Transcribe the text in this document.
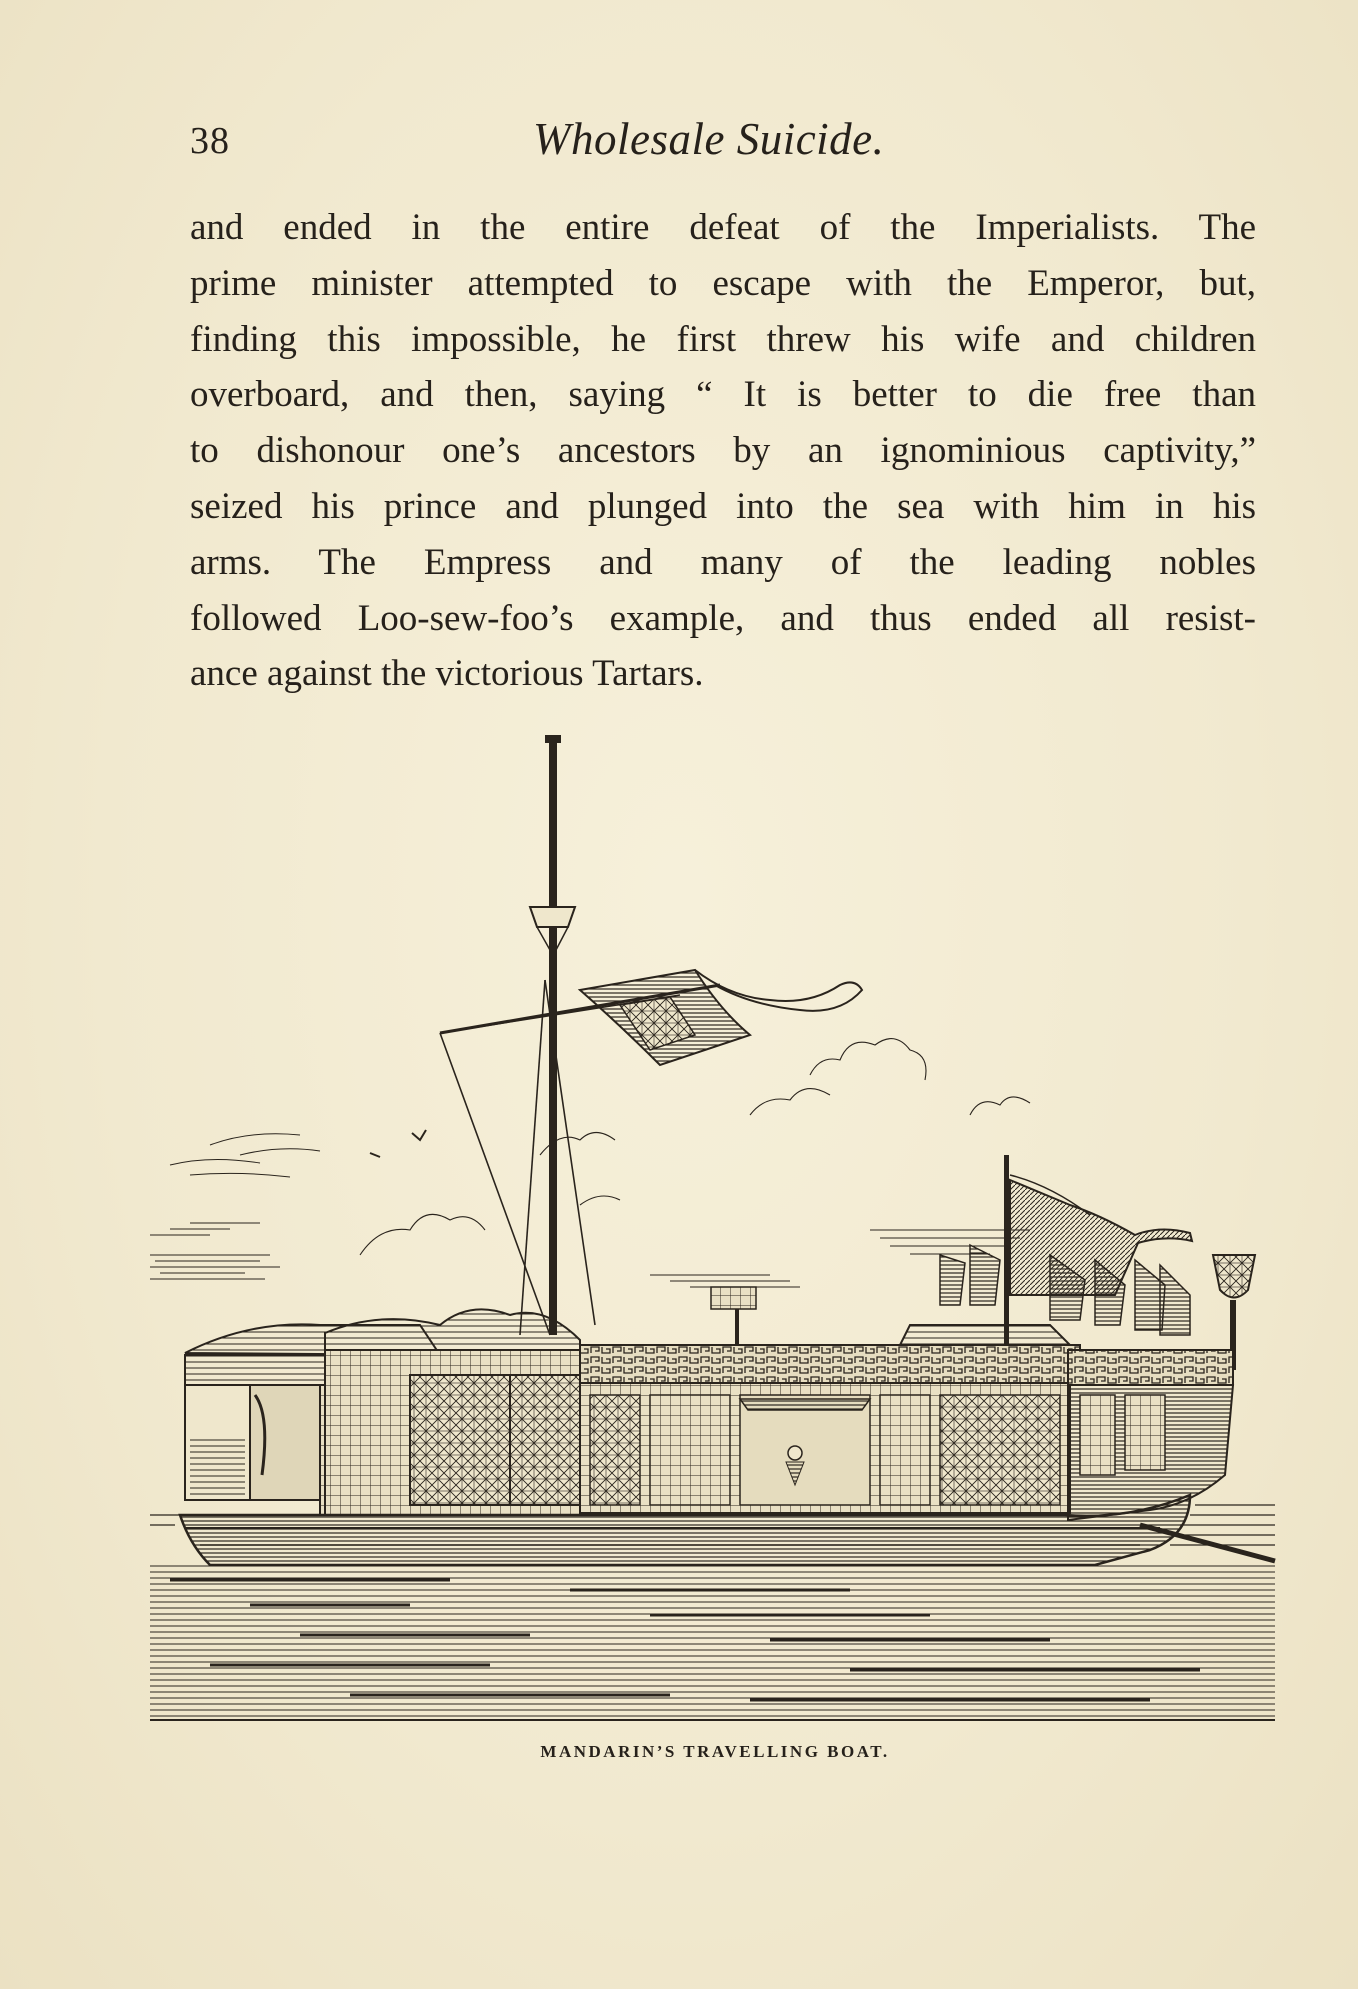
38	Wholesale Suicide.
and ended in the entire defeat of the Imperialists. The
prime minister attempted to escape with the Emperor, but,
finding this impossible, he first threw his wife and children
overboard, and then, saying “ It is better to die free than
to dishonour one’s ancestors by an ignominious captivity,”
seized his prince and plunged into the sea with him in his
arms. The Empress and many of the leading nobles
followed Loo-sew-foo’s example, and thus ended all resist-
ance against the victorious Tartars.
MANDARIN’S TRAVELLING BOAT.
